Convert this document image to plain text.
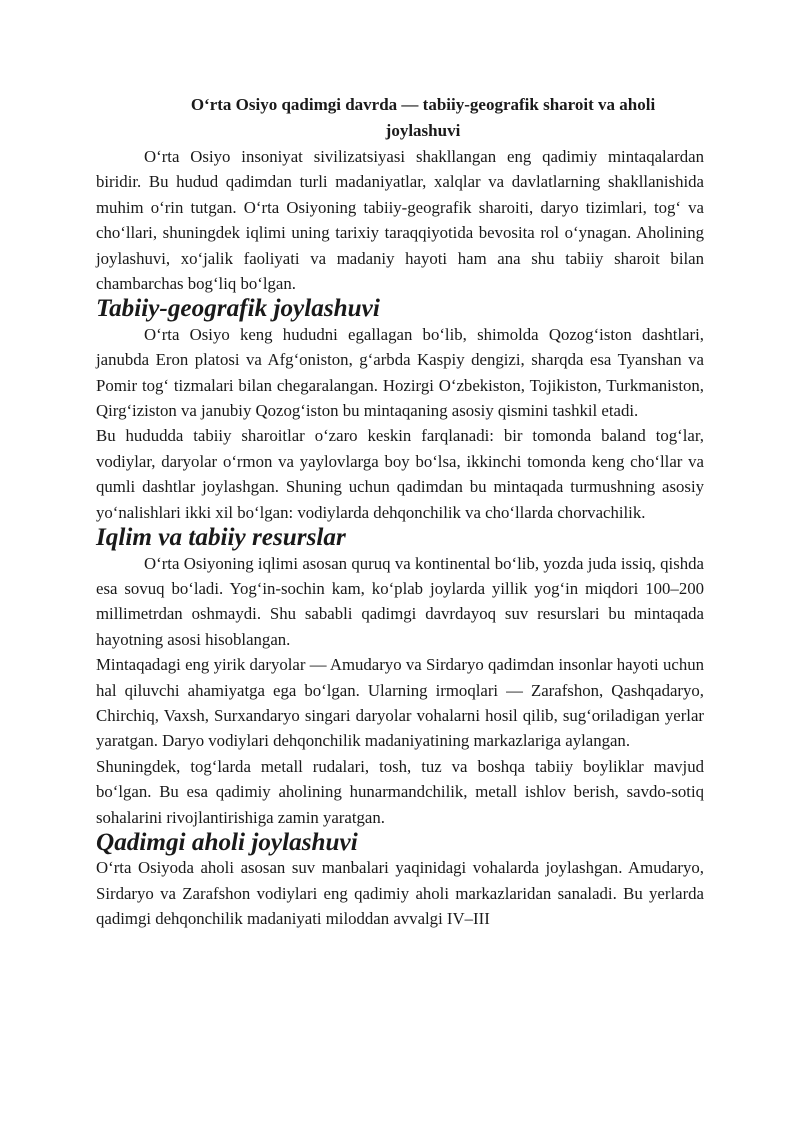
O‘rta Osiyo qadimgi davrda — tabiiy-geografik sharoit va aholi joylashuvi

O‘rta Osiyo insoniyat sivilizatsiyasi shakllangan eng qadimiy mintaqalardan biridir. Bu hudud qadimdan turli madaniyatlar, xalqlar va davlatlarning shakllanishida muhim o‘rin tutgan. O‘rta Osiyoning tabiiy-geografik sharoiti, daryo tizimlari, tog‘ va cho‘llari, shuningdek iqlimi uning tarixiy taraqqiyotida bevosita rol o‘ynagan. Aholining joylashuvi, xo‘jalik faoliyati va madaniy hayoti ham ana shu tabiiy sharoit bilan chambarchas bog‘liq bo‘lgan.

Tabiiy-geografik joylashuvi

O‘rta Osiyo keng hududni egallagan bo‘lib, shimolda Qozog‘iston dashtlari, janubda Eron platosi va Afg‘oniston, g‘arbda Kaspiy dengizi, sharqda esa Tyanshan va Pomir tog‘ tizmalari bilan chegaralangan. Hozirgi O‘zbekiston, Tojikiston, Turkmaniston, Qirg‘iziston va janubiy Qozog‘iston bu mintaqaning asosiy qismini tashkil etadi.

Bu hududda tabiiy sharoitlar o‘zaro keskin farqlanadi: bir tomonda baland tog‘lar, vodiylar, daryolar o‘rmon va yaylovlarga boy bo‘lsa, ikkinchi tomonda keng cho‘llar va qumli dashtlar joylashgan. Shuning uchun qadimdan bu mintaqada turmushning asosiy yo‘nalishlari ikki xil bo‘lgan: vodiylarda dehqonchilik va cho‘llarda chorvachilik.

Iqlim va tabiiy resurslar

O‘rta Osiyoning iqlimi asosan quruq va kontinental bo‘lib, yozda juda issiq, qishda esa sovuq bo‘ladi. Yog‘in-sochin kam, ko‘plab joylarda yillik yog‘in miqdori 100–200 millimetrdan oshmaydi. Shu sababli qadimgi davrdayoq suv resurslari bu mintaqada hayotning asosi hisoblangan.

Mintaqadagi eng yirik daryolar — Amudaryo va Sirdaryo qadimdan insonlar hayoti uchun hal qiluvchi ahamiyatga ega bo‘lgan. Ularning irmoqlari — Zarafshon, Qashqadaryo, Chirchiq, Vaxsh, Surxandaryo singari daryolar vohalarni hosil qilib, sug‘oriladigan yerlar yaratgan. Daryo vodiylari dehqonchilik madaniyatining markazlariga aylangan.

Shuningdek, tog‘larda metall rudalari, tosh, tuz va boshqa tabiiy boyliklar mavjud bo‘lgan. Bu esa qadimiy aholining hunarmandchilik, metall ishlov berish, savdo-sotiq sohalarini rivojlantirishiga zamin yaratgan.

Qadimgi aholi joylashuvi

O‘rta Osiyoda aholi asosan suv manbalari yaqinidagi vohalarda joylashgan. Amudaryo, Sirdaryo va Zarafshon vodiylari eng qadimiy aholi markazlaridan sanaladi. Bu yerlarda qadimgi dehqonchilik madaniyati miloddan avvalgi IV–III
